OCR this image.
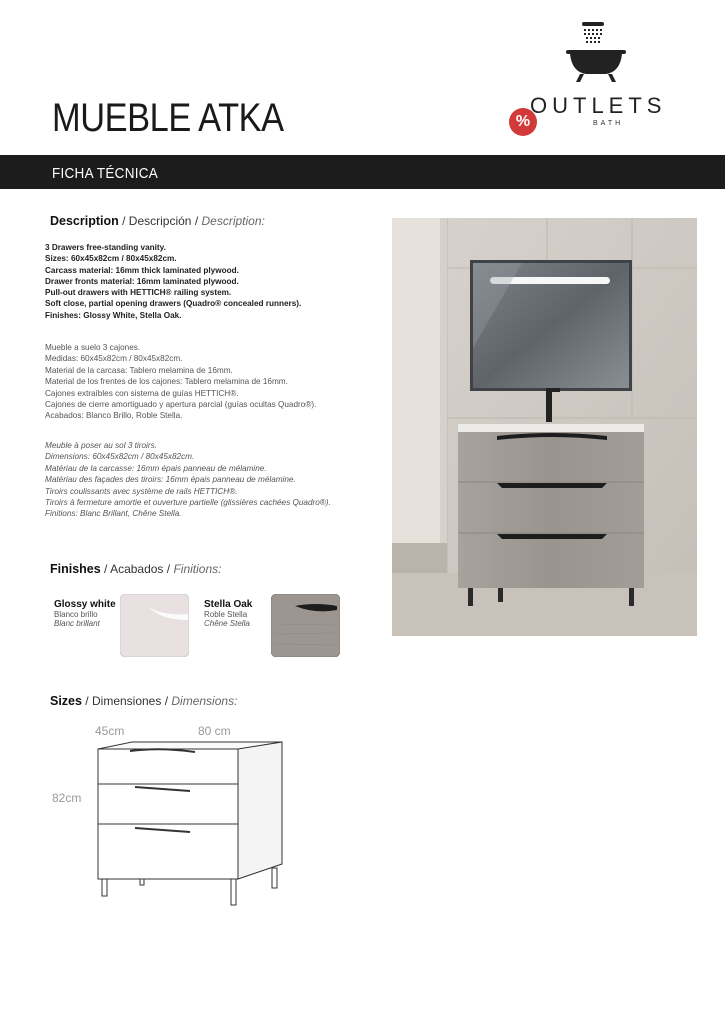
MUEBLE ATKA	%
OUTLETS
BATH
FICHA TÉCNICA
Description / Descripción / Description:
3 Drawers free-standing vanity.
Sizes: 60x45x82cm / 80x45x82cm.
Carcass material: 16mm thick laminated plywood.
Drawer fronts material: 16mm laminated plywood.
Pull-out drawers with HETTICH® railing system.
Soft close, partial opening drawers (Quadro® concealed runners).
Finishes: Glossy White, Stella Oak.
Mueble a suelo 3 cajones.
Medidas: 60x45x82cm / 80x45x82cm.
Material de la carcasa: Tablero melamina de 16mm.
Material de los frentes de los cajones: Tablero melamina de 16mm.
Cajones extraíbles con sistema de guías HETTICH®.
Cajones de cierre amortiguado y apertura parcial (guías ocultas Quadro®).
Acabados: Blanco Brillo, Roble Stella.
Meuble à poser au sol 3 tiroirs.
Dimensions: 60x45x82cm / 80x45x82cm.
Matériau de la carcasse: 16mm épais panneau de mélamine.
Matériau des façades des tiroirs: 16mm épais panneau de mélamine.
Tiroirs coulissants avec système de rails HETTICH®.
Tiroirs à fermeture amortie et ouverture partielle (glissières cachées Quadro®).
Finitions: Blanc Brillant, Chêne Stella.
Finishes / Acabados / Finitions:
Glossy white
Blanco brillo
Blanc brillant
Stella Oak
Roble Stella
Chêne Stella
Sizes / Dimensiones / Dimensions:
45cm	80 cm
82cm
